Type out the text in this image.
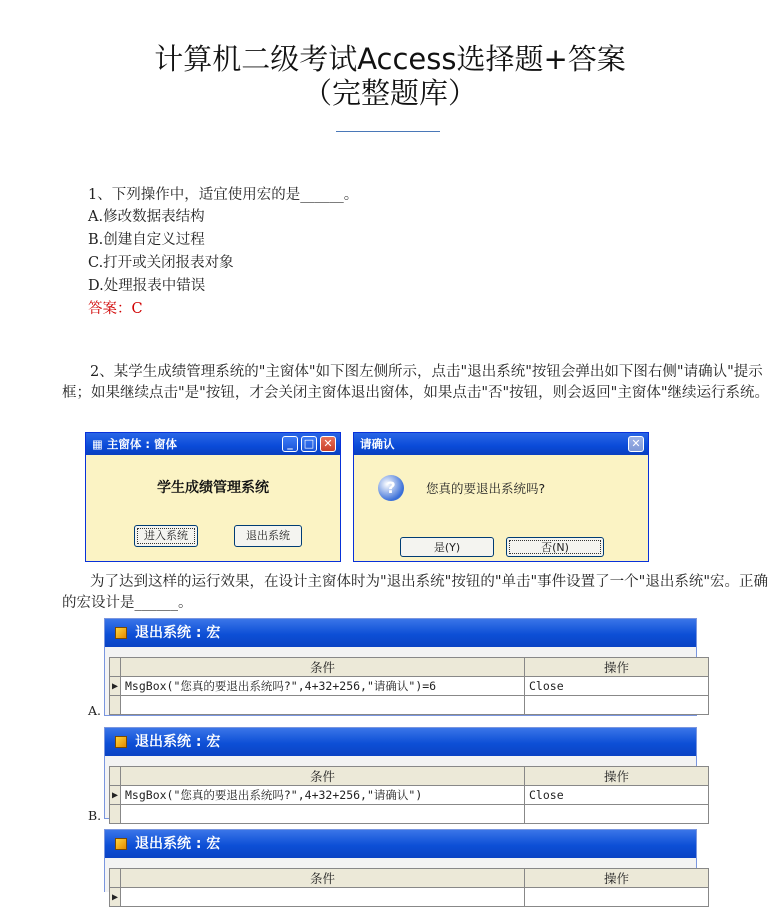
计算机二级考试Access选择题+答案
（完整题库）
1、下列操作中，适宜使用宏的是______。
A.修改数据表结构
B.创建自定义过程
C.打开或关闭报表对象
D.处理报表中错误
答案：C
2、某学生成绩管理系统的"主窗体"如下图左侧所示，点击"退出系统"按钮会弹出如下图右侧"请确认"提示框；如果继续点击"是"按钮，才会关闭主窗体退出窗体，如果点击"否"按钮，则会返回"主窗体"继续运行系统。
▦ 主窗体 : 窗体	_	□ ✕
学生成绩管理系统
进入系统	退出系统
请确认	✕
?	您真的要退出系统吗?
是(Y)	否(N)
为了达到这样的运行效果，在设计主窗体时为"退出系统"按钮的"单击"事件设置了一个"退出系统"宏。正确的宏设计是______。
退出系统 : 宏
	条件	操作
▶	MsgBox("您真的要退出系统吗?",4+32+256,"请确认")=6	Close

A.
退出系统 : 宏
	条件	操作
▶	MsgBox("您真的要退出系统吗?",4+32+256,"请确认")	Close

B.
退出系统 : 宏
	条件	操作
▶		
